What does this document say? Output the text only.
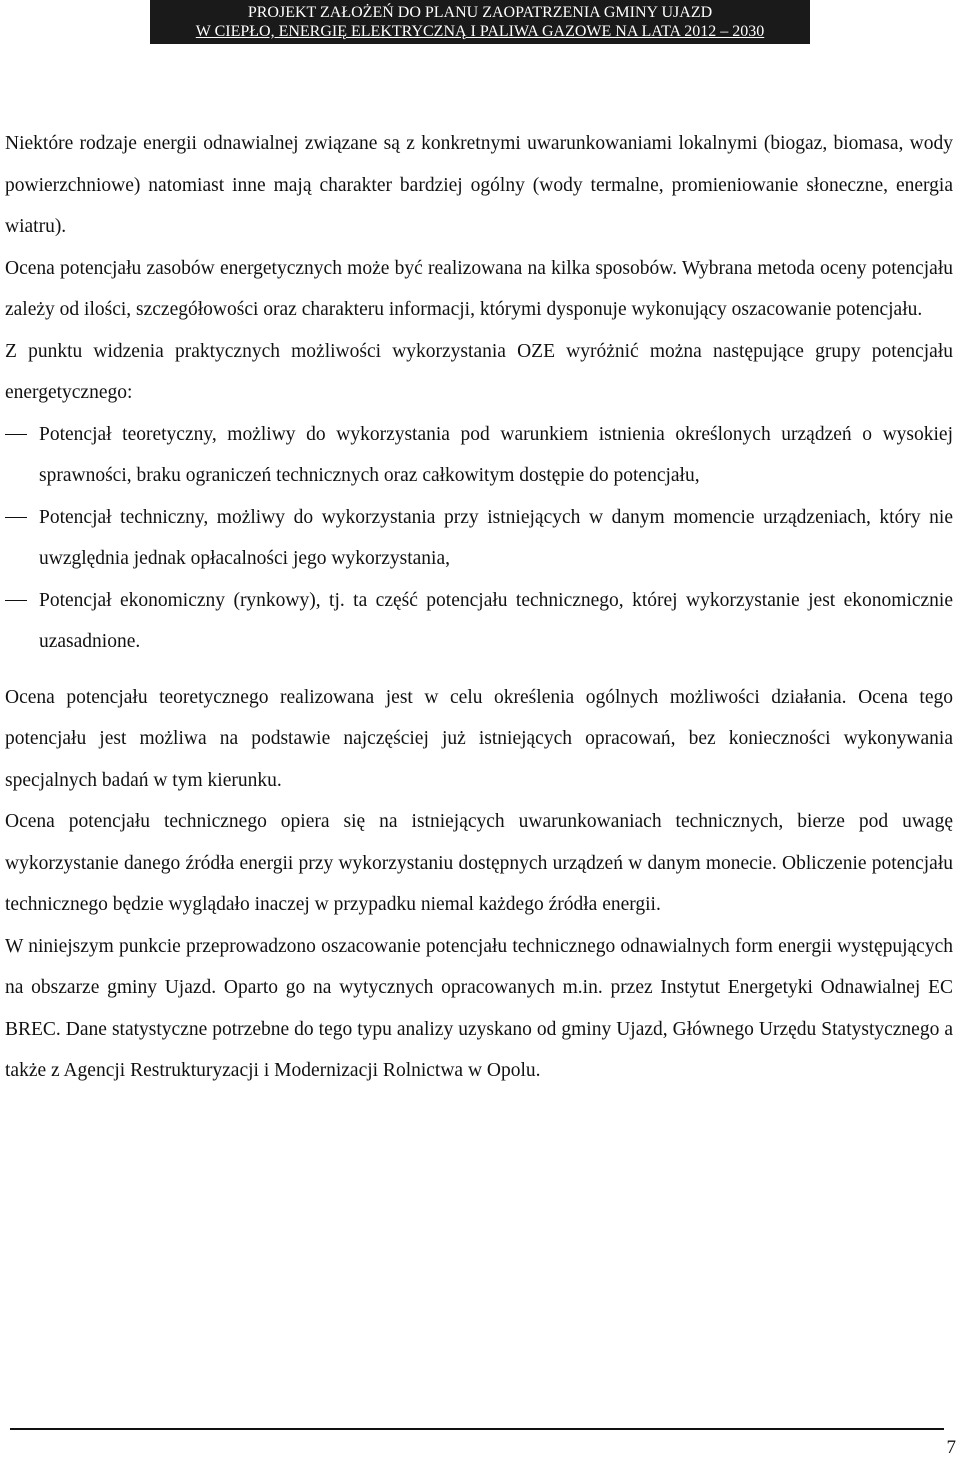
PROJEKT ZAŁOŻEŃ DO PLANU ZAOPATRZENIA GMINY UJAZD
W CIEPŁO, ENERGIĘ ELEKTRYCZNĄ I PALIWA GAZOWE NA LATA 2012 – 2030

Niektóre rodzaje energii odnawialnej związane są z konkretnymi uwarunkowaniami lokalnymi (biogaz, biomasa, wody powierzchniowe) natomiast inne mają charakter bardziej ogólny (wody termalne, promieniowanie słoneczne, energia wiatru).

Ocena potencjału zasobów energetycznych może być realizowana na kilka sposobów. Wybrana metoda oceny potencjału zależy od ilości, szczegółowości oraz charakteru informacji, którymi dysponuje wykonujący oszacowanie potencjału.

Z punktu widzenia praktycznych możliwości wykorzystania OZE wyróżnić można następujące grupy potencjału energetycznego:

Potencjał teoretyczny, możliwy do wykorzystania pod warunkiem istnienia określonych urządzeń o wysokiej sprawności, braku ograniczeń technicznych oraz całkowitym dostępie do potencjału,
Potencjał techniczny, możliwy do wykorzystania przy istniejących w danym momencie urządzeniach, który nie uwzględnia jednak opłacalności jego wykorzystania,
Potencjał ekonomiczny (rynkowy), tj. ta część potencjału technicznego, której wykorzystanie jest ekonomicznie uzasadnione.

Ocena potencjału teoretycznego realizowana jest w celu określenia ogólnych możliwości działania. Ocena tego potencjału jest możliwa na podstawie najczęściej już istniejących opracowań, bez konieczności wykonywania specjalnych badań w tym kierunku.

Ocena potencjału technicznego opiera się na istniejących uwarunkowaniach technicznych, bierze pod uwagę wykorzystanie danego źródła energii przy wykorzystaniu dostępnych urządzeń w danym monecie. Obliczenie potencjału technicznego będzie wyglądało inaczej w przypadku niemal każdego źródła energii.

W niniejszym punkcie przeprowadzono oszacowanie potencjału technicznego odnawialnych form energii występujących na obszarze gminy Ujazd. Oparto go na wytycznych opracowanych m.in. przez Instytut Energetyki Odnawialnej EC BREC. Dane statystyczne potrzebne do tego typu analizy uzyskano od gminy Ujazd, Głównego Urzędu Statystycznego a także z Agencji Restrukturyzacji i Modernizacji Rolnictwa w Opolu.

7
